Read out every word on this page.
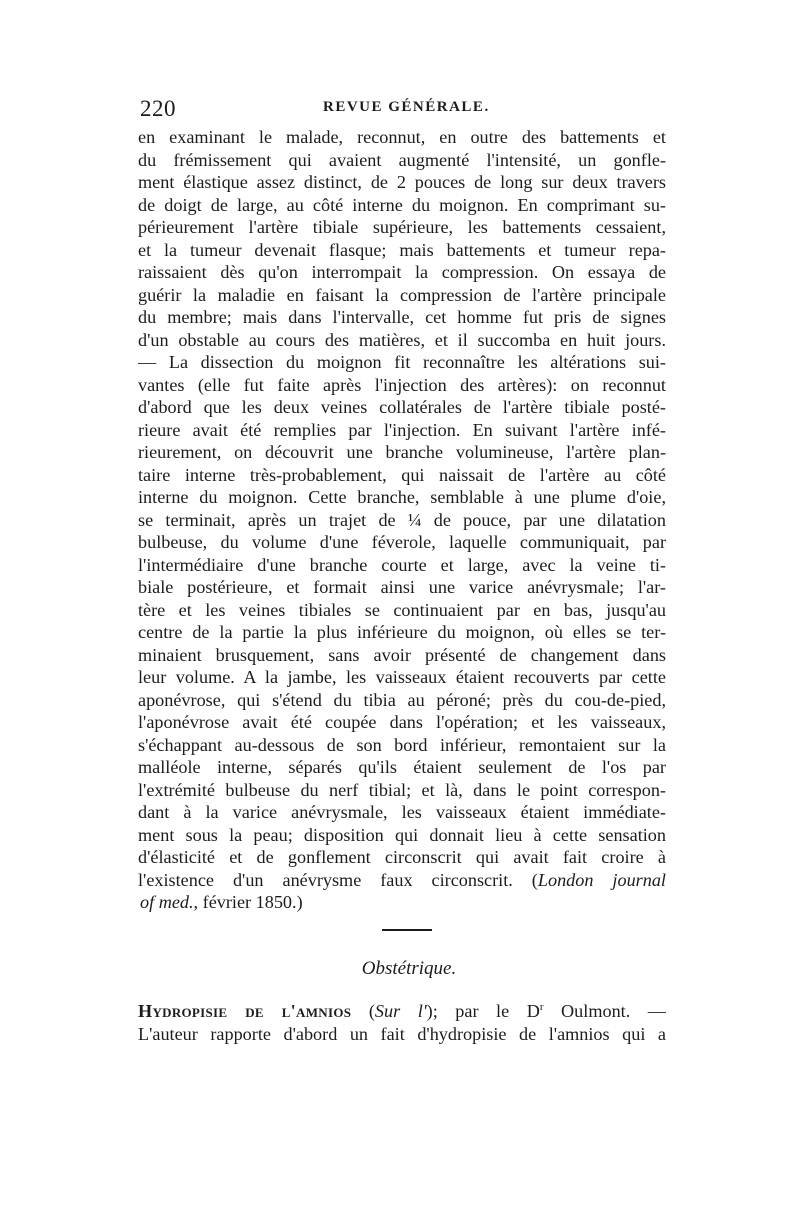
220	REVUE GÉNÉRALE.
en examinant le malade, reconnut, en outre des battements et
du frémissement qui avaient augmenté l'intensité, un gonfle-
ment élastique assez distinct, de 2 pouces de long sur deux travers
de doigt de large, au côté interne du moignon. En comprimant su-
périeurement l'artère tibiale supérieure, les battements cessaient,
et la tumeur devenait flasque; mais battements et tumeur repa-
raissaient dès qu'on interrompait la compression. On essaya de
guérir la maladie en faisant la compression de l'artère principale
du membre; mais dans l'intervalle, cet homme fut pris de signes
d'un obstable au cours des matières, et il succomba en huit jours.
— La dissection du moignon fit reconnaître les altérations sui-
vantes (elle fut faite après l'injection des artères): on reconnut
d'abord que les deux veines collatérales de l'artère tibiale posté-
rieure avait été remplies par l'injection. En suivant l'artère infé-
rieurement, on découvrit une branche volumineuse, l'artère plan-
taire interne très-probablement, qui naissait de l'artère au côté
interne du moignon. Cette branche, semblable à une plume d'oie,
se terminait, après un trajet de ¼ de pouce, par une dilatation
bulbeuse, du volume d'une féverole, laquelle communiquait, par
l'intermédiaire d'une branche courte et large, avec la veine ti-
biale postérieure, et formait ainsi une varice anévrysmale; l'ar-
tère et les veines tibiales se continuaient par en bas, jusqu'au
centre de la partie la plus inférieure du moignon, où elles se ter-
minaient brusquement, sans avoir présenté de changement dans
leur volume. A la jambe, les vaisseaux étaient recouverts par cette
aponévrose, qui s'étend du tibia au péroné; près du cou-de-pied,
l'aponévrose avait été coupée dans l'opération; et les vaisseaux,
s'échappant au-dessous de son bord inférieur, remontaient sur la
malléole interne, séparés qu'ils étaient seulement de l'os par
l'extrémité bulbeuse du nerf tibial; et là, dans le point correspon-
dant à la varice anévrysmale, les vaisseaux étaient immédiate-
ment sous la peau; disposition qui donnait lieu à cette sensation
d'élasticité et de gonflement circonscrit qui avait fait croire à
l'existence d'un anévrysme faux circonscrit. (London journal
of med., février 1850.)
Obstétrique.
Hydropisie de l'amnios (Sur l'); par le $D^r$ Oulmont. —
L'auteur rapporte d'abord un fait d'hydropisie de l'amnios qui a
